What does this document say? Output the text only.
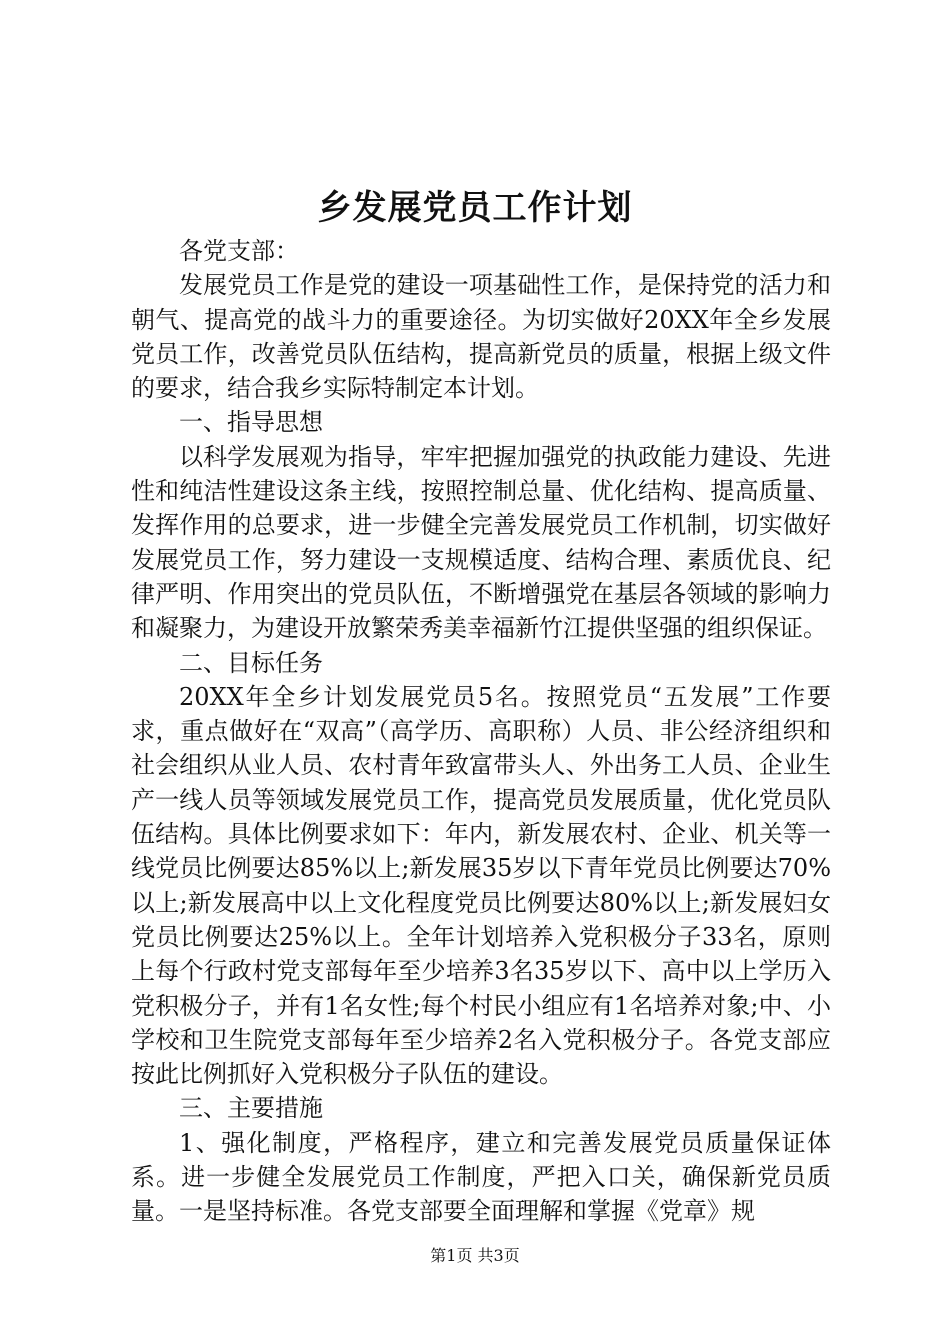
乡发展党员工作计划

各党支部：

发展党员工作是党的建设一项基础性工作，是保持党的活力和朝气、提高党的战斗力的重要途径。为切实做好20XX年全乡发展党员工作，改善党员队伍结构，提高新党员的质量，根据上级文件的要求，结合我乡实际特制定本计划。

一、指导思想

以科学发展观为指导，牢牢把握加强党的执政能力建设、先进性和纯洁性建设这条主线，按照控制总量、优化结构、提高质量、发挥作用的总要求，进一步健全完善发展党员工作机制，切实做好发展党员工作，努力建设一支规模适度、结构合理、素质优良、纪律严明、作用突出的党员队伍，不断增强党在基层各领域的影响力和凝聚力，为建设开放繁荣秀美幸福新竹江提供坚强的组织保证。

二、目标任务

20XX年全乡计划发展党员5名。按照党员“五发展”工作要求，重点做好在“双高”（高学历、高职称）人员、非公经济组织和社会组织从业人员、农村青年致富带头人、外出务工人员、企业生产一线人员等领域发展党员工作，提高党员发展质量，优化党员队伍结构。具体比例要求如下：年内，新发展农村、企业、机关等一线党员比例要达85%以上;新发展35岁以下青年党员比例要达70%以上;新发展高中以上文化程度党员比例要达80%以上;新发展妇女党员比例要达25%以上。全年计划培养入党积极分子33名，原则上每个行政村党支部每年至少培养3名35岁以下、高中以上学历入党积极分子，并有1名女性;每个村民小组应有1名培养对象;中、小学校和卫生院党支部每年至少培养2名入党积极分子。各党支部应按此比例抓好入党积极分子队伍的建设。

三、主要措施

1、强化制度，严格程序，建立和完善发展党员质量保证体系。进一步健全发展党员工作制度，严把入口关，确保新党员质量。一是坚持标准。各党支部要全面理解和掌握《党章》规

第1页 共3页
